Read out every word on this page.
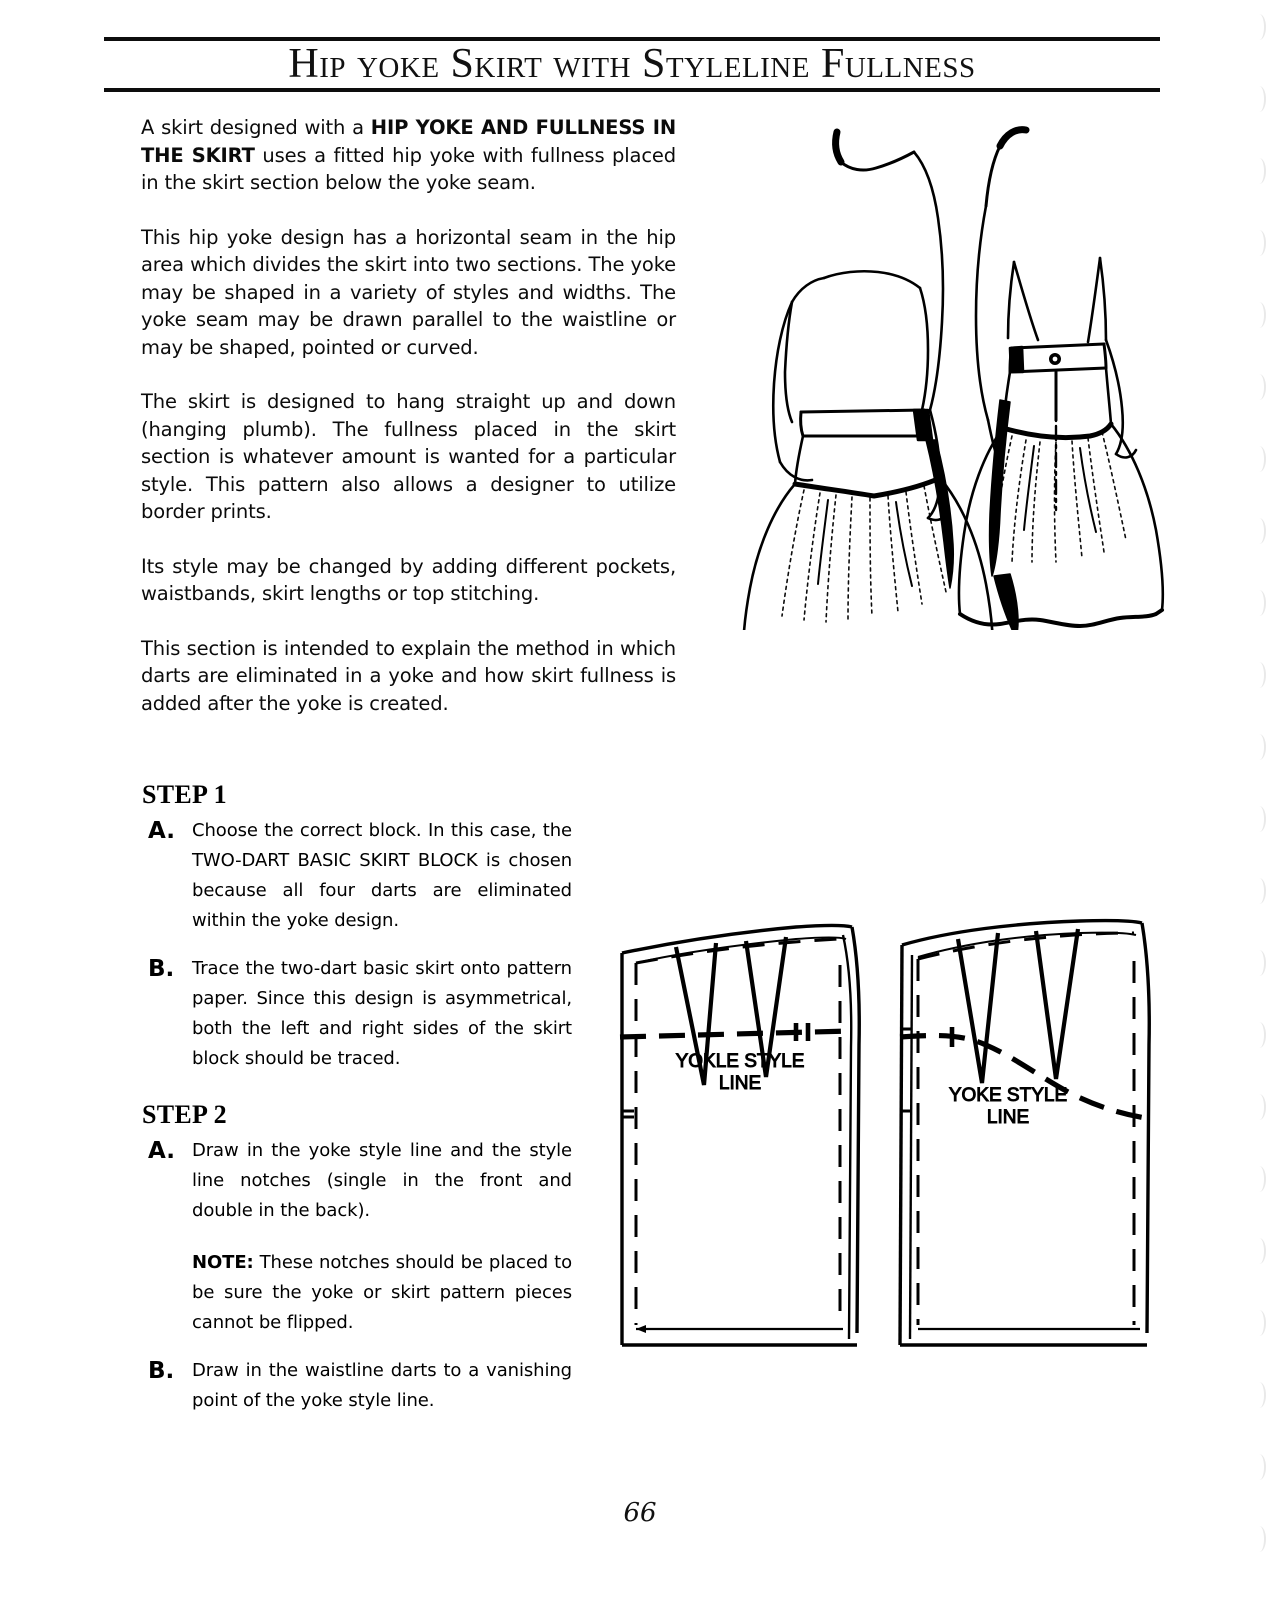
Hip yoke Skirt with Styleline Fullness

A skirt designed with a HIP YOKE AND FULLNESS IN THE SKIRT uses a fitted hip yoke with fullness placed in the skirt section below the yoke seam.

This hip yoke design has a horizontal seam in the hip area which divides the skirt into two sections. The yoke may be shaped in a variety of styles and widths. The yoke seam may be drawn parallel to the waistline or may be shaped, pointed or curved.

The skirt is designed to hang straight up and down (hanging plumb). The fullness placed in the skirt section is whatever amount is wanted for a particular style. This pattern also allows a designer to utilize border prints.

Its style may be changed by adding different pockets, waistbands, skirt lengths or top stitching.

This section is intended to explain the method in which darts are eliminated in a yoke and how skirt fullness is added after the yoke is created.

STEP 1
A. Choose the correct block. In this case, the TWO-DART BASIC SKIRT BLOCK is chosen because all four darts are eliminated within the yoke design.

B. Trace the two-dart basic skirt onto pattern paper. Since this design is asymmetrical, both the left and right sides of the skirt block should be traced.

STEP 2
A. Draw in the yoke style line and the style line notches (single in the front and double in the back).

NOTE: These notches should be placed to be sure the yoke or skirt pattern pieces cannot be flipped.

B. Draw in the waistline darts to a vanishing point of the yoke style line.

YOKLE STYLE
LINE
YOKE STYLE
LINE
66
